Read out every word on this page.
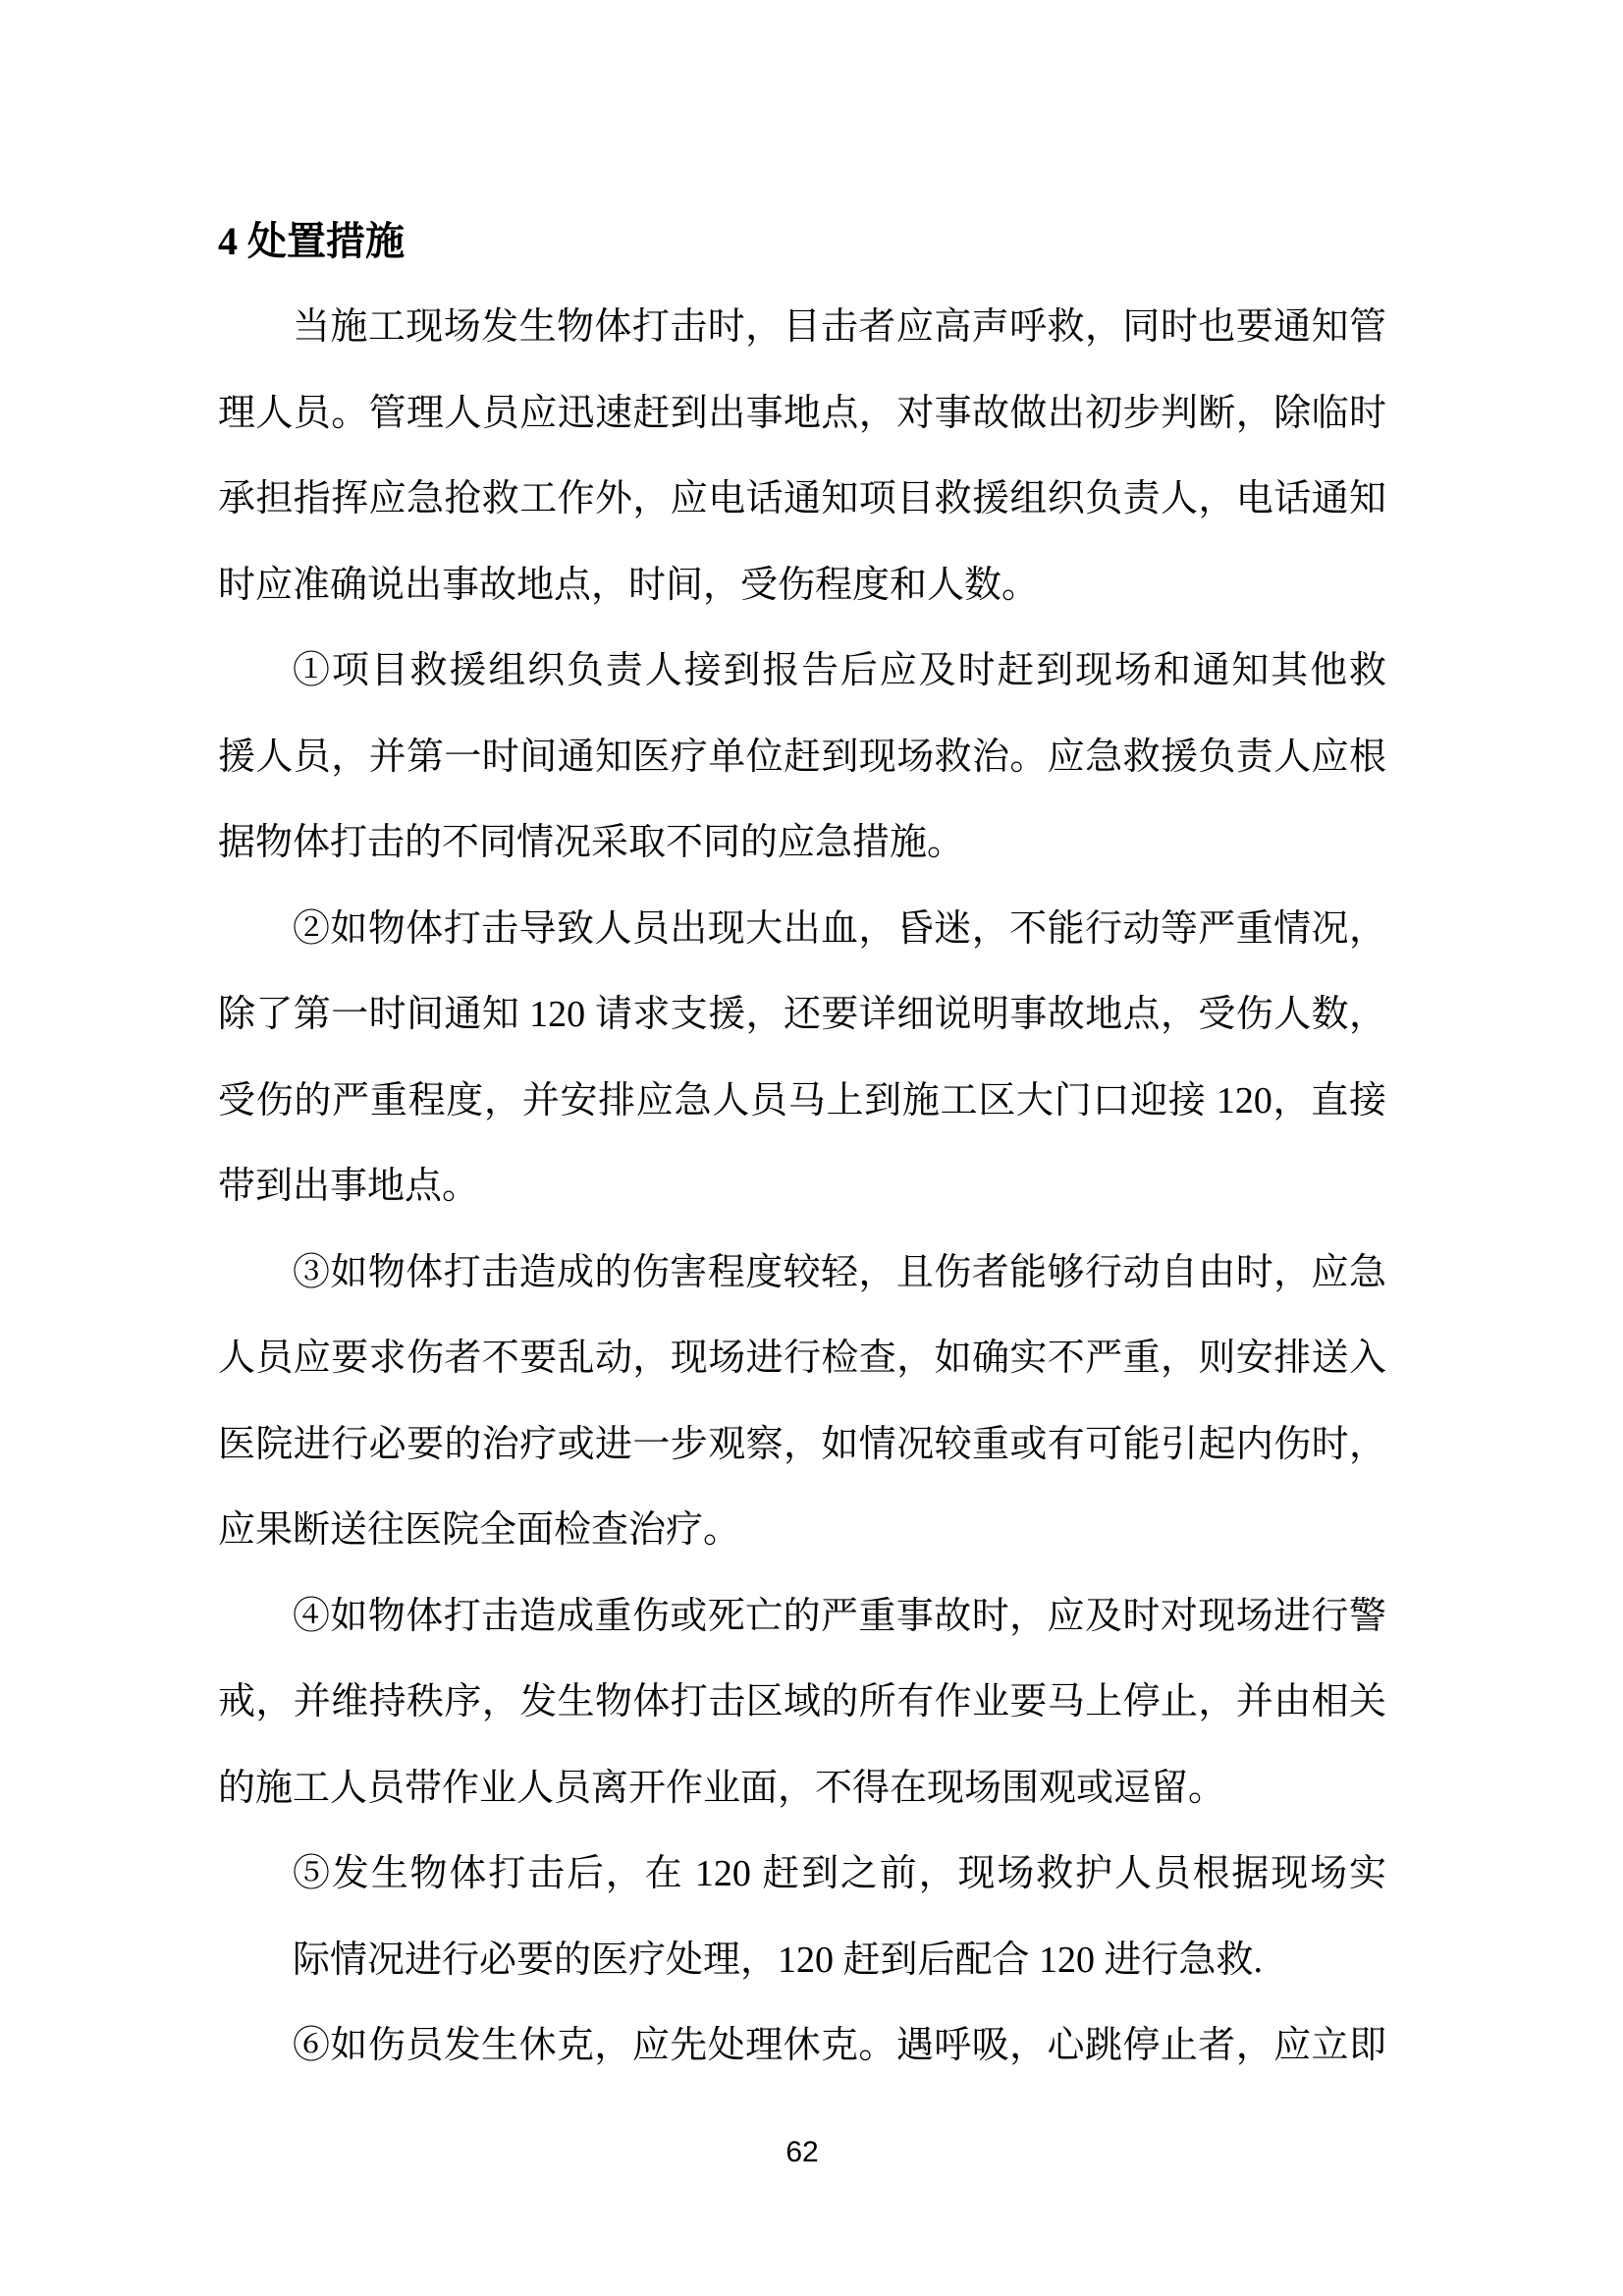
4 处置措施
当施工现场发生物体打击时，目击者应高声呼救，同时也要通知管
理人员。管理人员应迅速赶到出事地点，对事故做出初步判断，除临时
承担指挥应急抢救工作外，应电话通知项目救援组织负责人，电话通知
时应准确说出事故地点，时间，受伤程度和人数。
①项目救援组织负责人接到报告后应及时赶到现场和通知其他救
援人员，并第一时间通知医疗单位赶到现场救治。应急救援负责人应根
据物体打击的不同情况采取不同的应急措施。
②如物体打击导致人员出现大出血，昏迷，不能行动等严重情况，
除了第一时间通知 120 请求支援，还要详细说明事故地点，受伤人数，
受伤的严重程度，并安排应急人员马上到施工区大门口迎接 120，直接
带到出事地点。
③如物体打击造成的伤害程度较轻，且伤者能够行动自由时，应急
人员应要求伤者不要乱动，现场进行检查，如确实不严重，则安排送入
医院进行必要的治疗或进一步观察，如情况较重或有可能引起内伤时，
应果断送往医院全面检查治疗。
④如物体打击造成重伤或死亡的严重事故时，应及时对现场进行警
戒，并维持秩序，发生物体打击区域的所有作业要马上停止，并由相关
的施工人员带作业人员离开作业面，不得在现场围观或逗留。
⑤发生物体打击后，在 120 赶到之前，现场救护人员根据现场实
际情况进行必要的医疗处理，120 赶到后配合 120 进行急救.
⑥如伤员发生休克，应先处理休克。遇呼吸，心跳停止者，应立即
62
